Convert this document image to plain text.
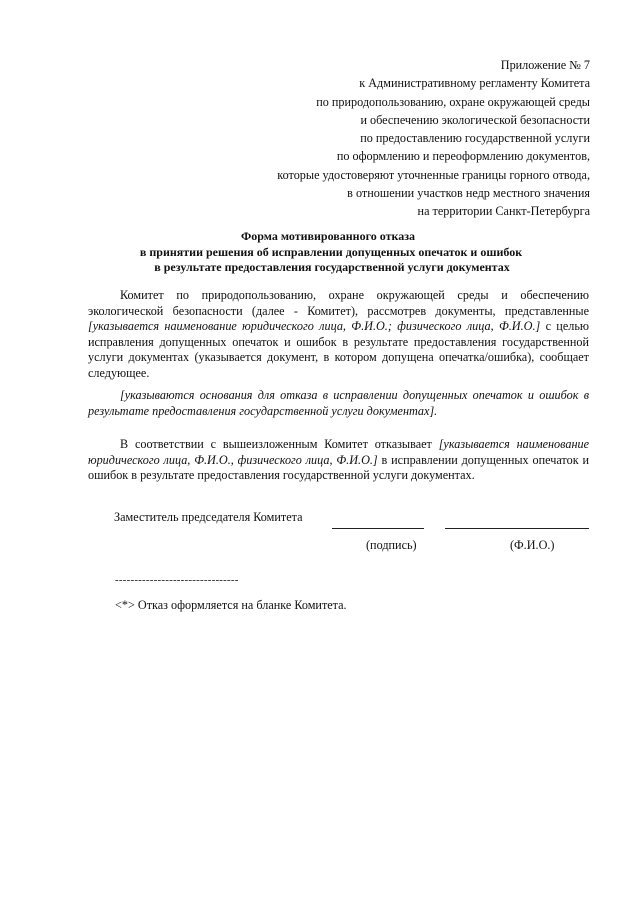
Приложение № 7
к Административному регламенту Комитета
по природопользованию, охране окружающей среды
и обеспечению экологической безопасности
по предоставлению государственной услуги
по оформлению и переоформлению документов,
которые удостоверяют уточненные границы горного отвода,
в отношении участков недр местного значения
на территории Санкт-Петербурга
Форма мотивированного отказа
в принятии решения об исправлении допущенных опечаток и ошибок
в результате предоставления государственной услуги документах
Комитет по природопользованию, охране окружающей среды и обеспечению экологической безопасности (далее - Комитет), рассмотрев документы, представленные [указывается наименование юридического лица, Ф.И.О.; физического лица, Ф.И.О.] с целью исправления допущенных опечаток и ошибок в результате предоставления государственной услуги документах (указывается документ, в котором допущена опечатка/ошибка), сообщает следующее.
[указываются основания для отказа в исправлении допущенных опечаток и ошибок в результате предоставления государственной услуги документах].
В соответствии с вышеизложенным Комитет отказывает [указывается наименование юридического лица, Ф.И.О., физического лица, Ф.И.О.] в исправлении допущенных опечаток и ошибок в результате предоставления государственной услуги документах.
Заместитель председателя Комитета
(подпись)	(Ф.И.О.)
--------------------------------
<*> Отказ оформляется на бланке Комитета.
